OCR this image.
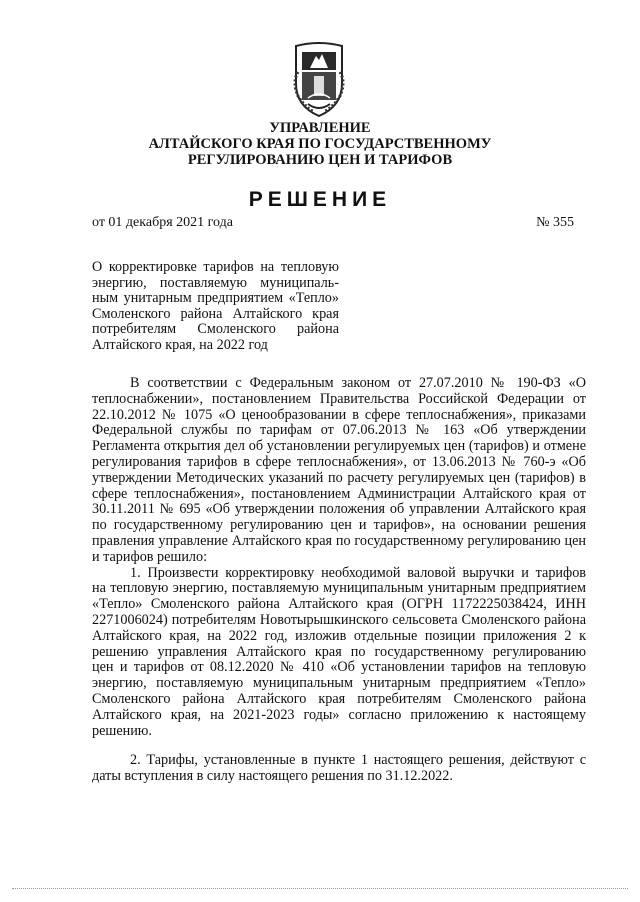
УПРАВЛЕНИЕ
АЛТАЙСКОГО КРАЯ ПО ГОСУДАРСТВЕННОМУ
РЕГУЛИРОВАНИЮ ЦЕН И ТАРИФОВ
РЕШЕНИЕ
от 01 декабря 2021 года	№ 355
О корректировке тарифов на тепловую
энергию, поставляемую муниципаль-
ным унитарным предприятием «Тепло»
Смоленского района Алтайского края
потребителям Смоленского района
Алтайского края, на 2022 год
В соответствии с Федеральным законом от 27.07.2010 № 190-ФЗ «О
теплоснабжении», постановлением Правительства Российской Федерации от
22.10.2012 № 1075 «О ценообразовании в сфере теплоснабжения», приказами
Федеральной службы по тарифам от 07.06.2013 № 163 «Об утверждении
Регламента открытия дел об установлении регулируемых цен (тарифов) и отмене
регулирования тарифов в сфере теплоснабжения», от 13.06.2013 № 760-э «Об
утверждении Методических указаний по расчету регулируемых цен (тарифов) в
сфере теплоснабжения», постановлением Администрации Алтайского края от
30.11.2011 № 695 «Об утверждении положения об управлении Алтайского края
по государственному регулированию цен и тарифов», на основании решения
правления управление Алтайского края по государственному регулированию цен
и тарифов решило:
1. Произвести корректировку необходимой валовой выручки и тарифов
на тепловую энергию, поставляемую муниципальным унитарным предприятием
«Тепло» Смоленского района Алтайского края (ОГРН 1172225038424, ИНН
2271006024) потребителям Новотырышкинского сельсовета Смоленского района
Алтайского края, на 2022 год, изложив отдельные позиции приложения 2 к
решению управления Алтайского края по государственному регулированию
цен и тарифов от 08.12.2020 № 410 «Об установлении тарифов на тепловую
энергию, поставляемую муниципальным унитарным предприятием «Тепло»
Смоленского района Алтайского края потребителям Смоленского района
Алтайского края, на 2021-2023 годы» согласно приложению к настоящему
решению.
2. Тарифы, установленные в пункте 1 настоящего решения, действуют с
даты вступления в силу настоящего решения по 31.12.2022.
